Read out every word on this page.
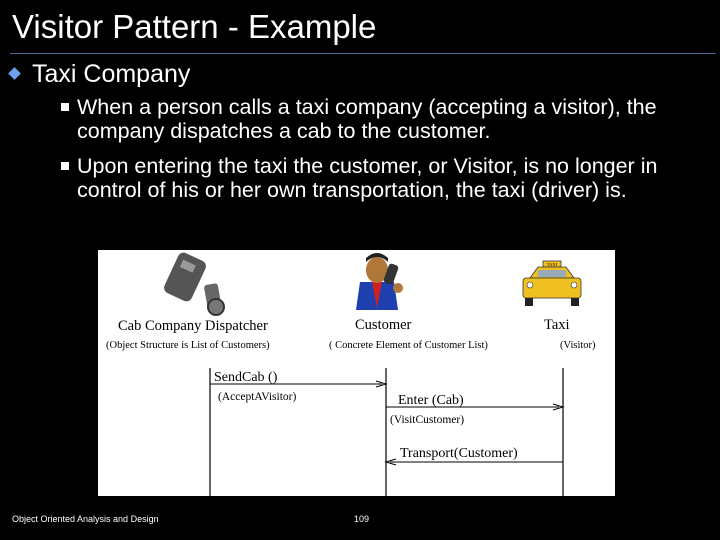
Visitor Pattern - Example
Taxi Company
When a person calls a taxi company (accepting a visitor), the company dispatches a cab to the customer.
Upon entering the taxi the customer, or Visitor, is no longer in control of his or her own transportation, the taxi (driver) is.
TAXI
Cab Company Dispatcher	Customer	Taxi
(Object Structure is List of Customers)	( Concrete Element of Customer List)	(Visitor)
SendCab ()
(AcceptAVisitor)	Enter (Cab)
(VisitCustomer)
Transport(Customer)
Object Oriented Analysis and Design	109
